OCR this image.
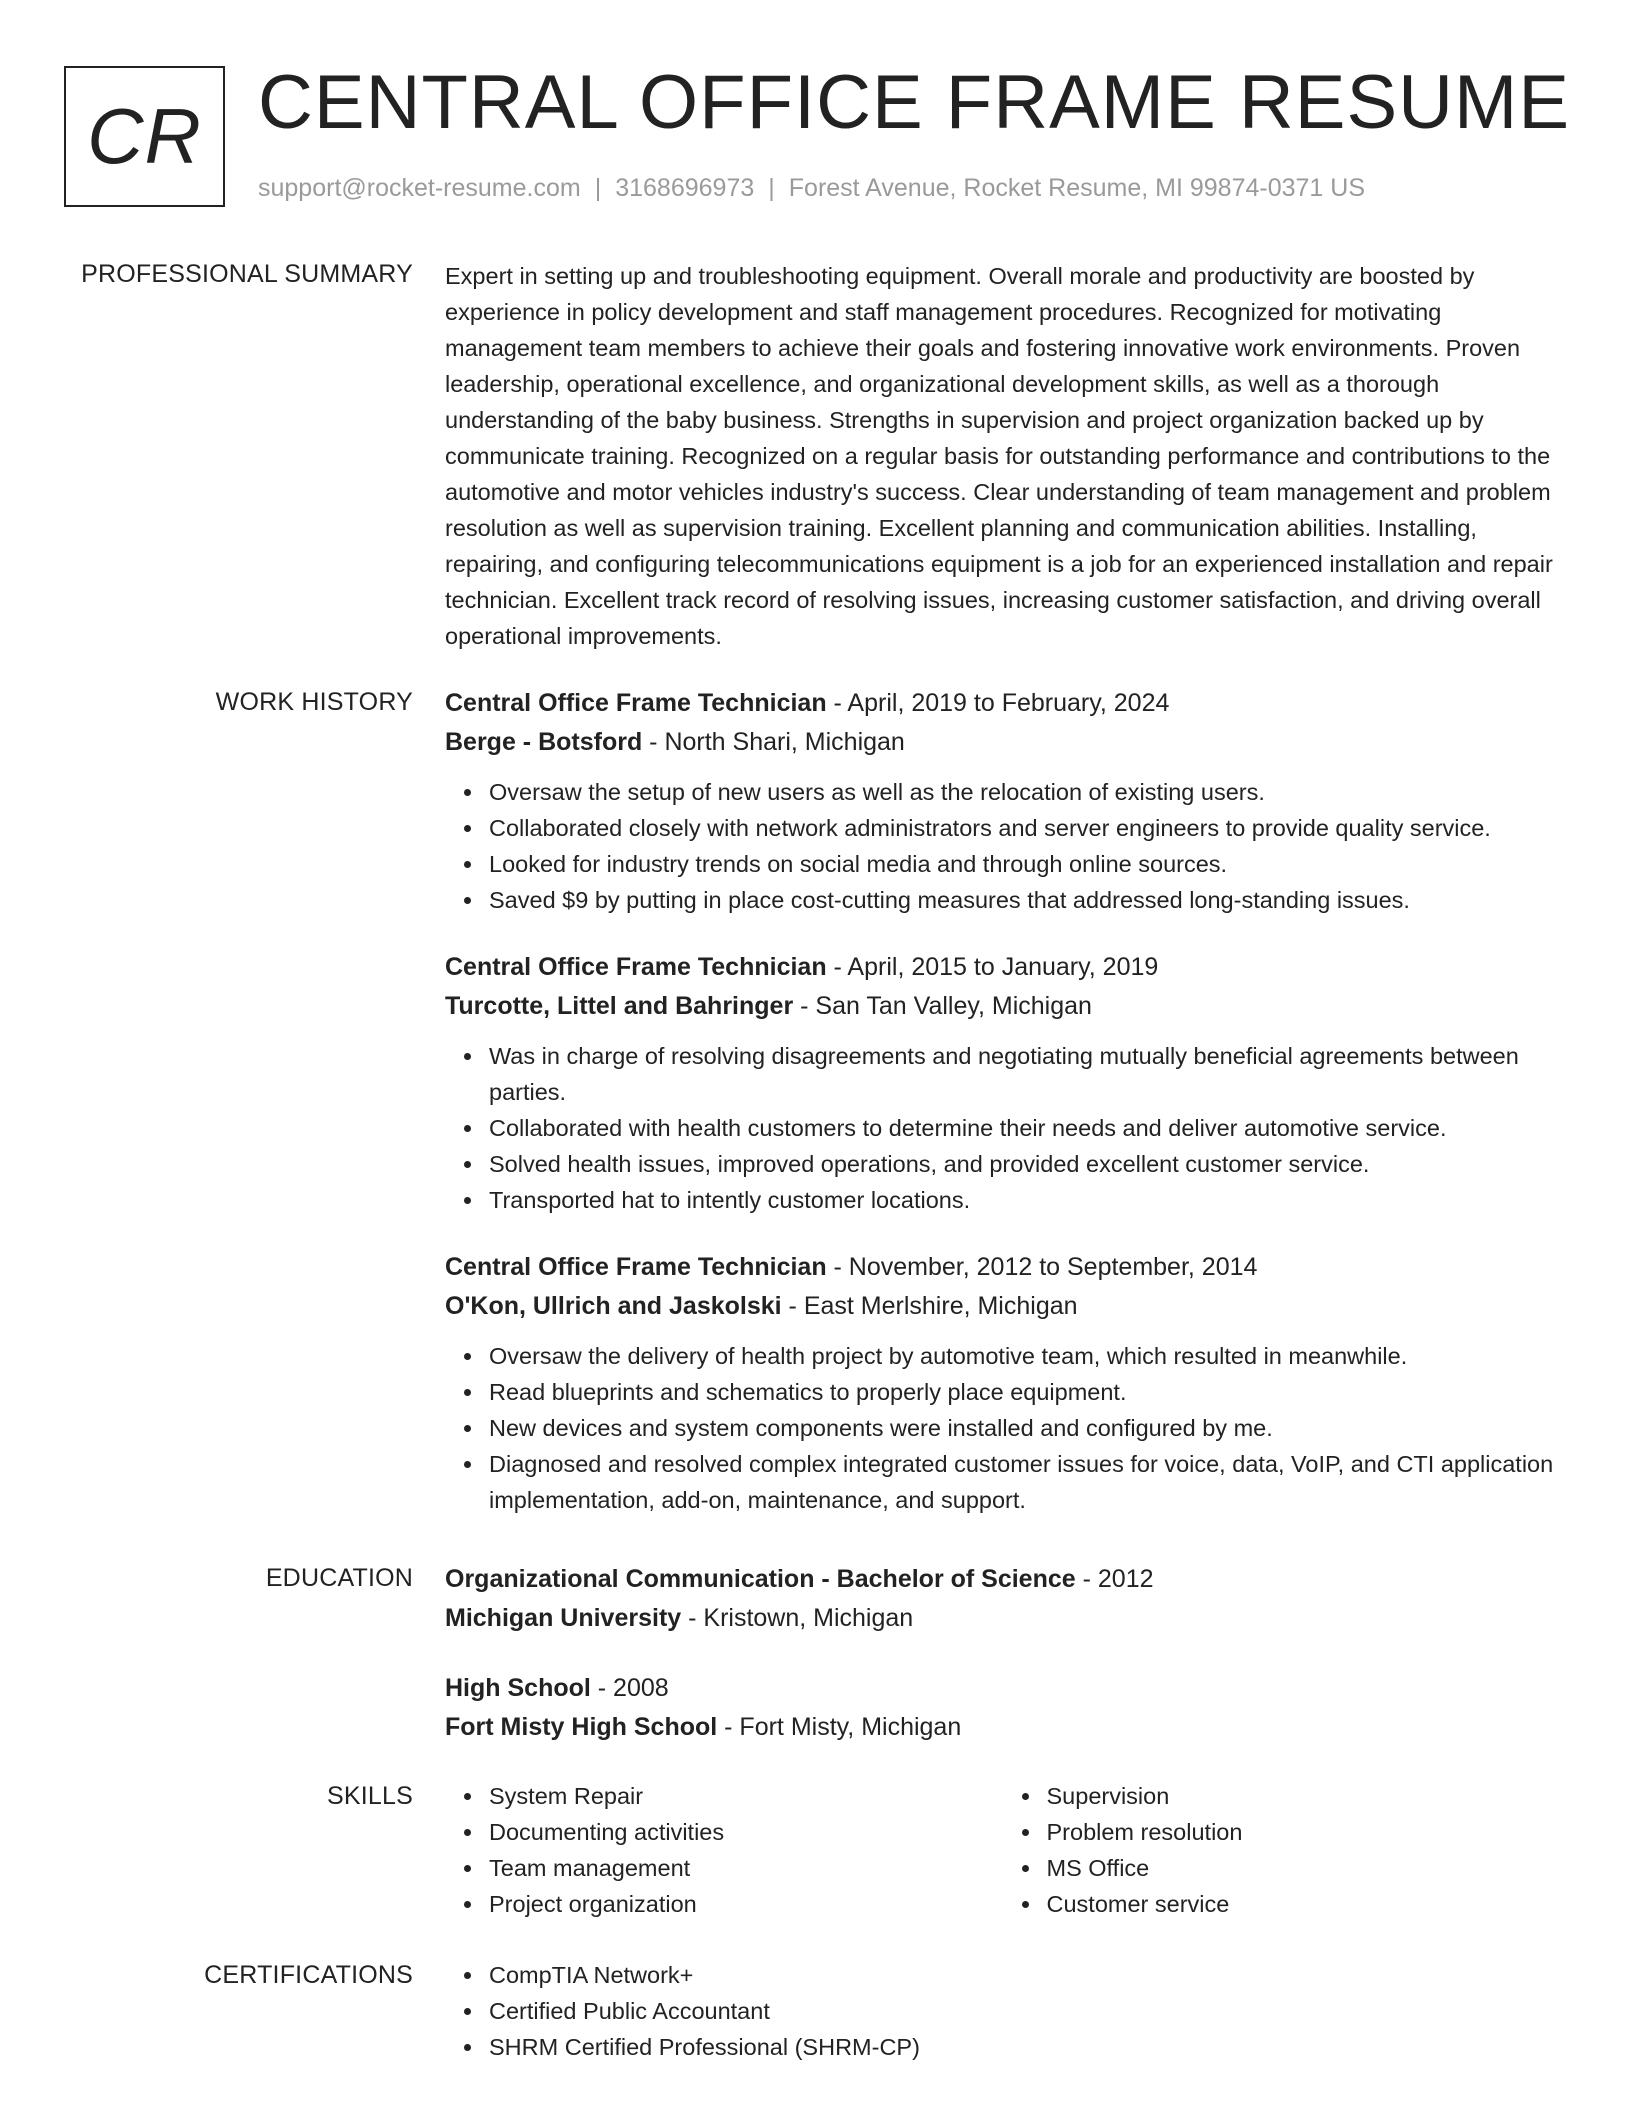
CR CENTRAL OFFICE FRAME RESUME
support@rocket-resume.com | 3168696973 | Forest Avenue, Rocket Resume, MI 99874-0371 US
PROFESSIONAL SUMMARY Expert in setting up and troubleshooting equipment. Overall morale and productivity are boosted by experience in policy development and staff management procedures. Recognized for motivating management team members to achieve their goals and fostering innovative work environments. Proven leadership, operational excellence, and organizational development skills, as well as a thorough understanding of the baby business. Strengths in supervision and project organization backed up by communicate training. Recognized on a regular basis for outstanding performance and contributions to the automotive and motor vehicles industry's success. Clear understanding of team management and problem resolution as well as supervision training. Excellent planning and communication abilities. Installing, repairing, and configuring telecommunications equipment is a job for an experienced installation and repair technician. Excellent track record of resolving issues, increasing customer satisfaction, and driving overall operational improvements.

WORK HISTORY Central Office Frame Technician - April, 2019 to February, 2024
Berge - Botsford - North Shari, Michigan
Oversaw the setup of new users as well as the relocation of existing users.
Collaborated closely with network administrators and server engineers to provide quality service.
Looked for industry trends on social media and through online sources.
Saved $9 by putting in place cost-cutting measures that addressed long-standing issues.
Central Office Frame Technician - April, 2015 to January, 2019
Turcotte, Littel and Bahringer - San Tan Valley, Michigan
Was in charge of resolving disagreements and negotiating mutually beneficial agreements between parties.
Collaborated with health customers to determine their needs and deliver automotive service.
Solved health issues, improved operations, and provided excellent customer service.
Transported hat to intently customer locations.
Central Office Frame Technician - November, 2012 to September, 2014
O'Kon, Ullrich and Jaskolski - East Merlshire, Michigan
Oversaw the delivery of health project by automotive team, which resulted in meanwhile.
Read blueprints and schematics to properly place equipment.
New devices and system components were installed and configured by me.
Diagnosed and resolved complex integrated customer issues for voice, data, VoIP, and CTI application implementation, add-on, maintenance, and support.
EDUCATION Organizational Communication - Bachelor of Science - 2012
Michigan University - Kristown, Michigan
High School - 2008
Fort Misty High School - Fort Misty, Michigan
SKILLS	System Repair
Documenting activities
Team management
Project organization
Supervision
Problem resolution
MS Office
Customer service
CERTIFICATIONS	CompTIA Network+
Certified Public Accountant
SHRM Certified Professional (SHRM-CP)
